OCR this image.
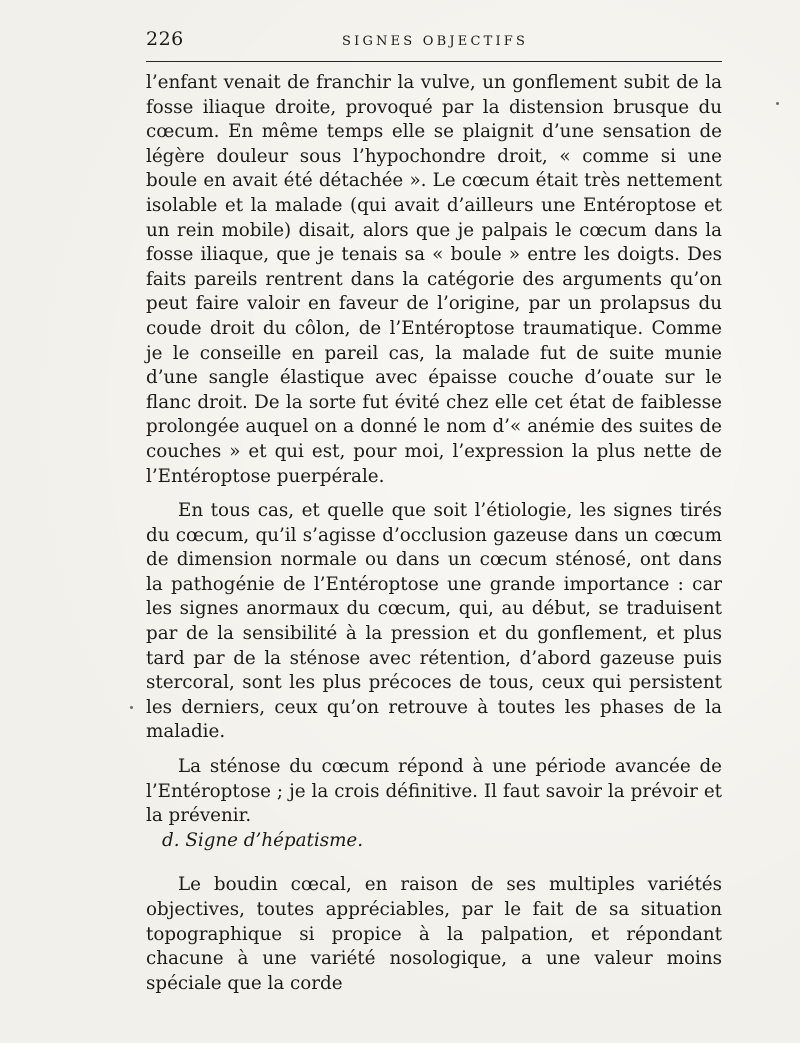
226	SIGNES OBJECTIFS

l’enfant venait de franchir la vulve, un gonflement subit de la fosse iliaque droite, provoqué par la distension brusque du cœcum. En même temps elle se plaignit d’une sensation de légère douleur sous l’hypochondre droit, « comme si une boule en avait été détachée ». Le cœcum était très nettement isolable et la malade (qui avait d’ailleurs une Entéroptose et un rein mobile) disait, alors que je palpais le cœcum dans la fosse iliaque, que je tenais sa « boule » entre les doigts. Des faits pareils rentrent dans la catégorie des arguments qu’on peut faire valoir en faveur de l’origine, par un prolapsus du coude droit du côlon, de l’Entéroptose traumatique. Comme je le conseille en pareil cas, la malade fut de suite munie d’une sangle élastique avec épaisse couche d’ouate sur le flanc droit. De la sorte fut évité chez elle cet état de faiblesse prolongée auquel on a donné le nom d’« anémie des suites de couches » et qui est, pour moi, l’expression la plus nette de l’Entéroptose puerpérale.

En tous cas, et quelle que soit l’étiologie, les signes tirés du cœcum, qu’il s’agisse d’occlusion gazeuse dans un cœcum de dimension normale ou dans un cœcum sténosé, ont dans la pathogénie de l’Entéroptose une grande importance : car les signes anormaux du cœcum, qui, au début, se traduisent par de la sensibilité à la pression et du gonflement, et plus tard par de la sténose avec rétention, d’abord gazeuse puis stercoral, sont les plus précoces de tous, ceux qui persistent les derniers, ceux qu’on retrouve à toutes les phases de la maladie.

La sténose du cœcum répond à une période avancée de l’Entéroptose ; je la crois définitive. Il faut savoir la prévoir et la prévenir.

d. Signe d’hépatisme.

Le boudin cœcal, en raison de ses multiples variétés objectives, toutes appréciables, par le fait de sa situation topographique si propice à la palpation, et répondant chacune à une variété nosologique, a une valeur moins spéciale que la corde
